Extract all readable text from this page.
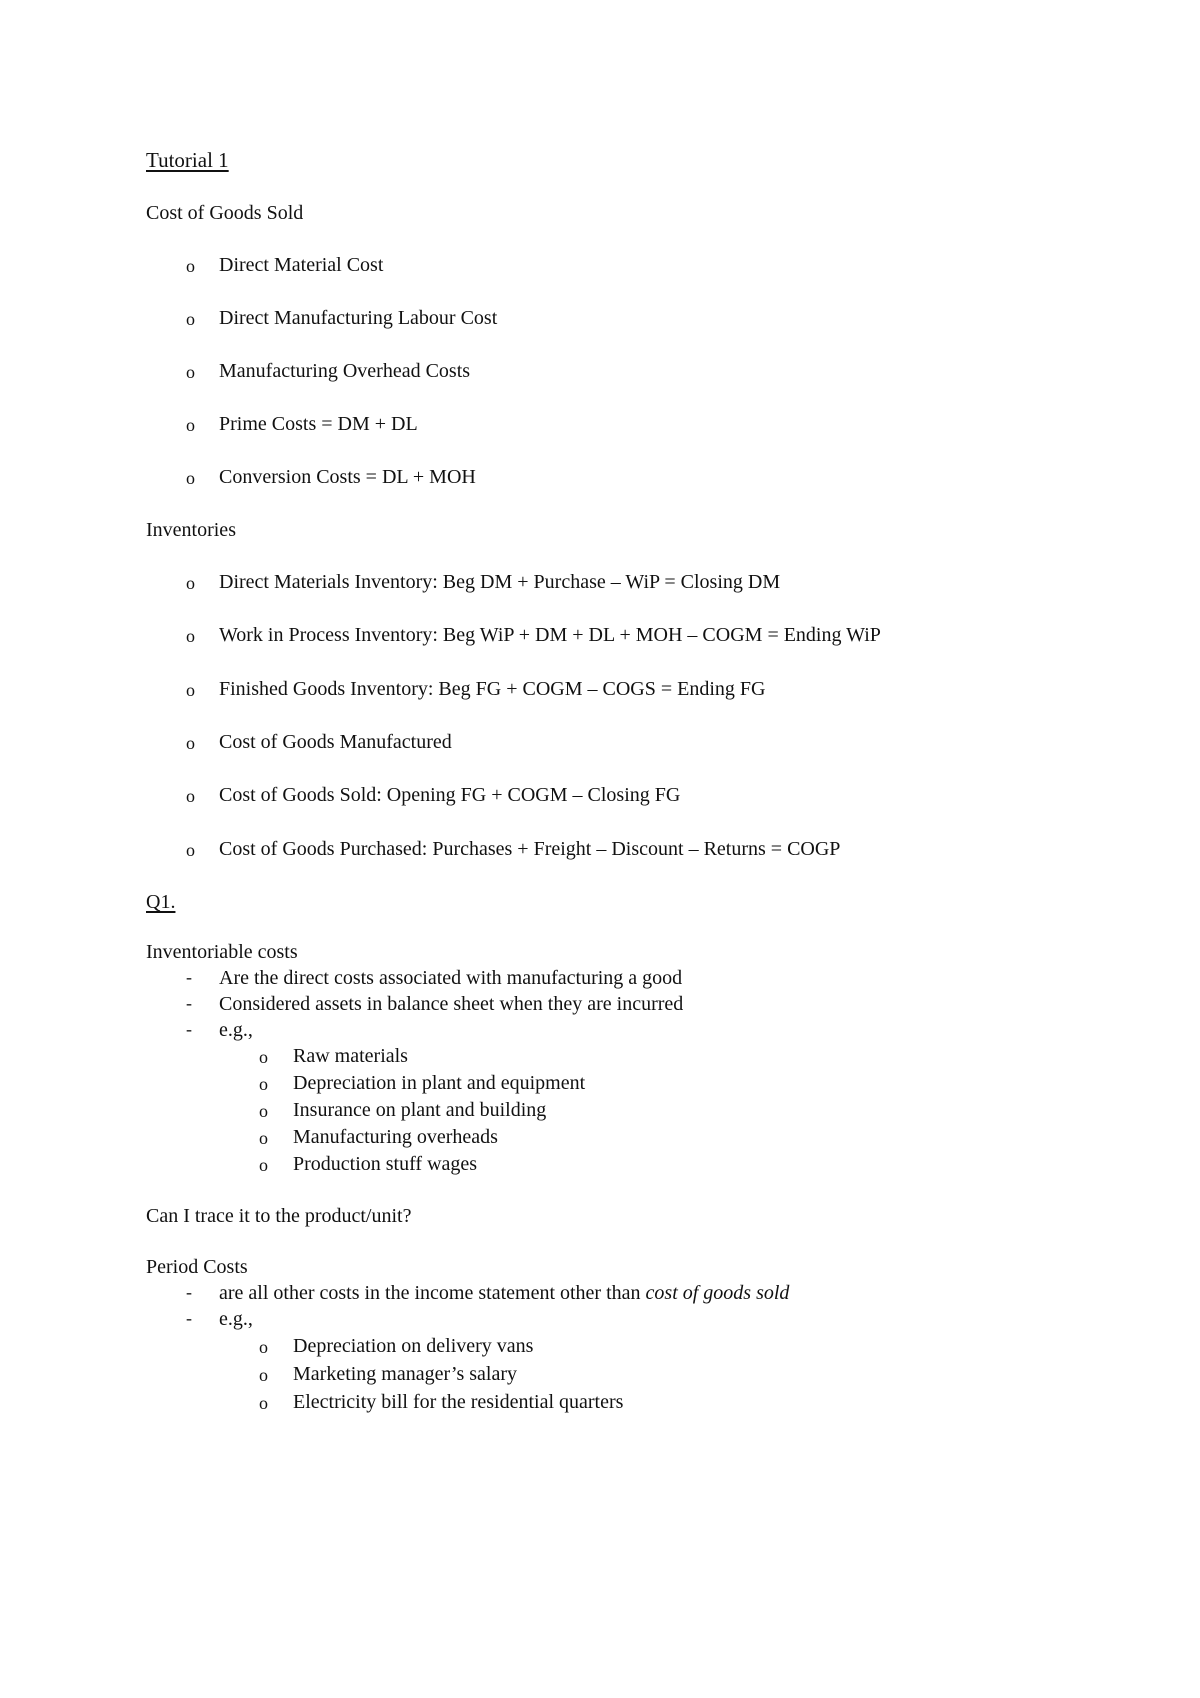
Tutorial 1
Cost of Goods Sold
o Direct Material Cost
o Direct Manufacturing Labour Cost
o Manufacturing Overhead Costs
o Prime Costs = DM + DL
o Conversion Costs = DL + MOH
Inventories
o Direct Materials Inventory: Beg DM + Purchase – WiP = Closing DM
o Work in Process Inventory: Beg WiP + DM + DL + MOH – COGM = Ending WiP
o Finished Goods Inventory: Beg FG + COGM – COGS = Ending FG
o Cost of Goods Manufactured
o Cost of Goods Sold: Opening FG + COGM – Closing FG
o Cost of Goods Purchased: Purchases + Freight – Discount – Returns = COGP
Q1.
Inventoriable costs
- Are the direct costs associated with manufacturing a good
- Considered assets in balance sheet when they are incurred
- e.g.,
o Raw materials
o Depreciation in plant and equipment
o Insurance on plant and building
o Manufacturing overheads
o Production stuff wages
Can I trace it to the product/unit?
Period Costs
- are all other costs in the income statement other than cost of goods sold
- e.g.,
o Depreciation on delivery vans
o Marketing manager’s salary
o Electricity bill for the residential quarters
